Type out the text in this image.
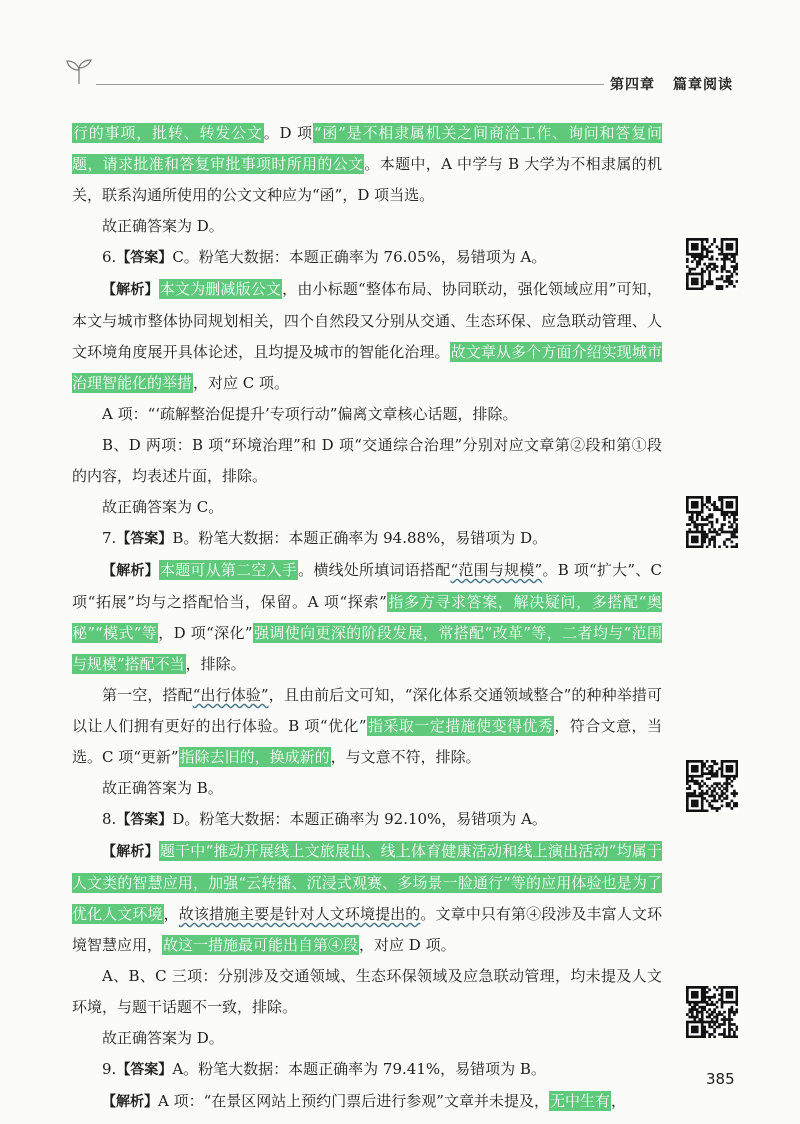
第四章 篇章阅读

行的事项，批转、转发公文。D 项“函”是不相隶属机关之间商洽工作、询问和答复问题，请求批准和答复审批事项时所用的公文。本题中，A 中学与 B 大学为不相隶属的机关，联系沟通所使用的公文文种应为“函”，D 项当选。

故正确答案为 D。

6.【答案】C。粉笔大数据：本题正确率为 76.05%，易错项为 A。

【解析】本文为删减版公文，由小标题“整体布局、协同联动，强化领域应用”可知，本文与城市整体协同规划相关，四个自然段又分别从交通、生态环保、应急联动管理、人文环境角度展开具体论述，且均提及城市的智能化治理。故文章从多个方面介绍实现城市治理智能化的举措，对应 C 项。

A 项：“‘疏解整治促提升’专项行动”偏离文章核心话题，排除。

B、D 两项：B 项“环境治理”和 D 项“交通综合治理”分别对应文章第②段和第①段的内容，均表述片面，排除。

故正确答案为 C。

7.【答案】B。粉笔大数据：本题正确率为 94.88%，易错项为 D。

【解析】本题可从第二空入手。横线处所填词语搭配“范围与规模”。B 项“扩大”、C 项“拓展”均与之搭配恰当，保留。A 项“探索”指多方寻求答案，解决疑问，多搭配“奥秘”“模式”等，D 项“深化”强调使向更深的阶段发展，常搭配“改革”等，二者均与“范围与规模”搭配不当，排除。

第一空，搭配“出行体验”，且由前后文可知，“深化体系交通领域整合”的种种举措可以让人们拥有更好的出行体验。B 项“优化”指采取一定措施使变得优秀，符合文意，当选。C 项“更新”指除去旧的，换成新的，与文意不符，排除。

故正确答案为 B。

8.【答案】D。粉笔大数据：本题正确率为 92.10%，易错项为 A。

【解析】题干中“推动开展线上文旅展出、线上体育健康活动和线上演出活动”均属于人文类的智慧应用，加强“云转播、沉浸式观赛、多场景一脸通行”等的应用体验也是为了优化人文环境，故该措施主要是针对人文环境提出的。文章中只有第④段涉及丰富人文环境智慧应用，故这一措施最可能出自第④段，对应 D 项。

A、B、C 三项：分别涉及交通领域、生态环保领域及应急联动管理，均未提及人文环境，与题干话题不一致，排除。

故正确答案为 D。

9.【答案】A。粉笔大数据：本题正确率为 79.41%，易错项为 B。

【解析】A 项：“在景区网站上预约门票后进行参观”文章并未提及，无中生有，

385
